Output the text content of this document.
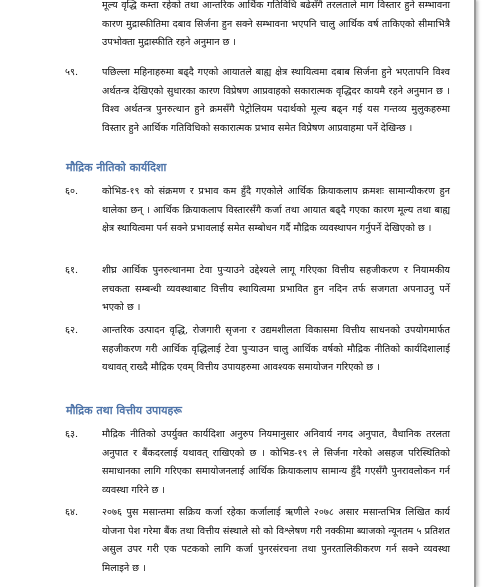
मूल्य वृद्धि कम्ता रहेको तथा आन्तरिक आर्थिक गतिविधि बढेसँगै तरलताले माग विस्तार हुने सम्भावना कारण मुद्रास्फीतिमा दबाव सिर्जना हुन सक्ने सम्भावना भएपनि चालु आर्थिक वर्ष ताकिएको सीमाभित्रै उपभोक्ता मुद्रास्फीति रहने अनुमान छ ।
५९. पछिल्ला महिनाहरुमा बढ्दै गएको आयातले बाह्य क्षेत्र स्थायित्वमा दबाब सिर्जना हुने भएतापनि विश्व अर्थतन्त्र देखिएको सुधारका कारण विप्रेषण आप्रवाहको सकारात्मक वृद्धिदर कायमै रहने अनुमान छ । विश्व अर्थतन्त्र पुनरुत्थान हुने क्रमसँगै पेट्रोलियम पदार्थको मूल्य बढ्न गई यस गन्तव्य मुलुकहरुमा विस्तार हुने आर्थिक गतिविधिको सकारात्मक प्रभाव समेत विप्रेषण आप्रवाहमा पर्ने देखिन्छ ।
मौद्रिक नीतिको कार्यदिशा
६०. कोभिड-१९ को संक्रमण र प्रभाव कम हुँदै गएकोले आर्थिक क्रियाकलाप क्रमशः सामान्यीकरण हुन थालेका छन् । आर्थिक क्रियाकलाप विस्तारसँगै कर्जा तथा आयात बढ्दै गएका कारण मूल्य तथा बाह्य क्षेत्र स्थायित्वमा पर्न सक्ने प्रभावलाई समेत सम्बोधन गर्दै मौद्रिक व्यवस्थापन गर्नुपर्ने देखिएको छ ।
६१. शीघ्र आर्थिक पुनरुत्थानमा टेवा पुऱ्याउने उद्देश्यले लागू गरिएका वित्तीय सहजीकरण र नियामकीय लचकता सम्बन्धी व्यवस्थाबाट वित्तीय स्थायित्वमा प्रभावित हुन नदिन तर्फ सजगता अपनाउनु पर्ने भएको छ ।
६२. आन्तरिक उत्पादन वृद्धि, रोजगारी सृजना र उद्यमशीलता विकासमा वित्तीय साधनको उपयोगमार्फत सहजीकरण गरी आर्थिक वृद्धिलाई टेवा पुऱ्याउन चालु आर्थिक वर्षको मौद्रिक नीतिको कार्यदिशालाई यथावत् राख्दै मौद्रिक एवम् वित्तीय उपायहरुमा आवश्यक समायोजन गरिएको छ ।
मौद्रिक तथा वित्तीय उपायहरू
६३. मौद्रिक नीतिको उपर्युक्त कार्यदिशा अनुरुप नियमानुसार अनिवार्य नगद अनुपात, वैधानिक तरलता अनुपात र बैंकदरलाई यथावत् राखिएको छ । कोभिड-१९ ले सिर्जना गरेको असहज परिस्थितिको समाधानका लागि गरिएका समायोजनलाई आर्थिक क्रियाकलाप सामान्य हुँदै गएसँगै पुनरावलोकन गर्न व्यवस्था गरिने छ ।
६४. २०७६ पुस मसान्तमा सक्रिय कर्जा रहेका कर्जालाई ऋणीले २०७८ असार मसान्तभित्र लिखित कार्य योजना पेश गरेमा बैंक तथा वित्तीय संस्थाले सो को विश्लेषण गरी नक्कीमा ब्याजको न्यूनतम ५ प्रतिशत असुल उपर गरी एक पटकको लागि कर्जा पुनरसंरचना तथा पुनरतालिकीकरण गर्न सक्ने व्यवस्था मिलाइने छ ।
